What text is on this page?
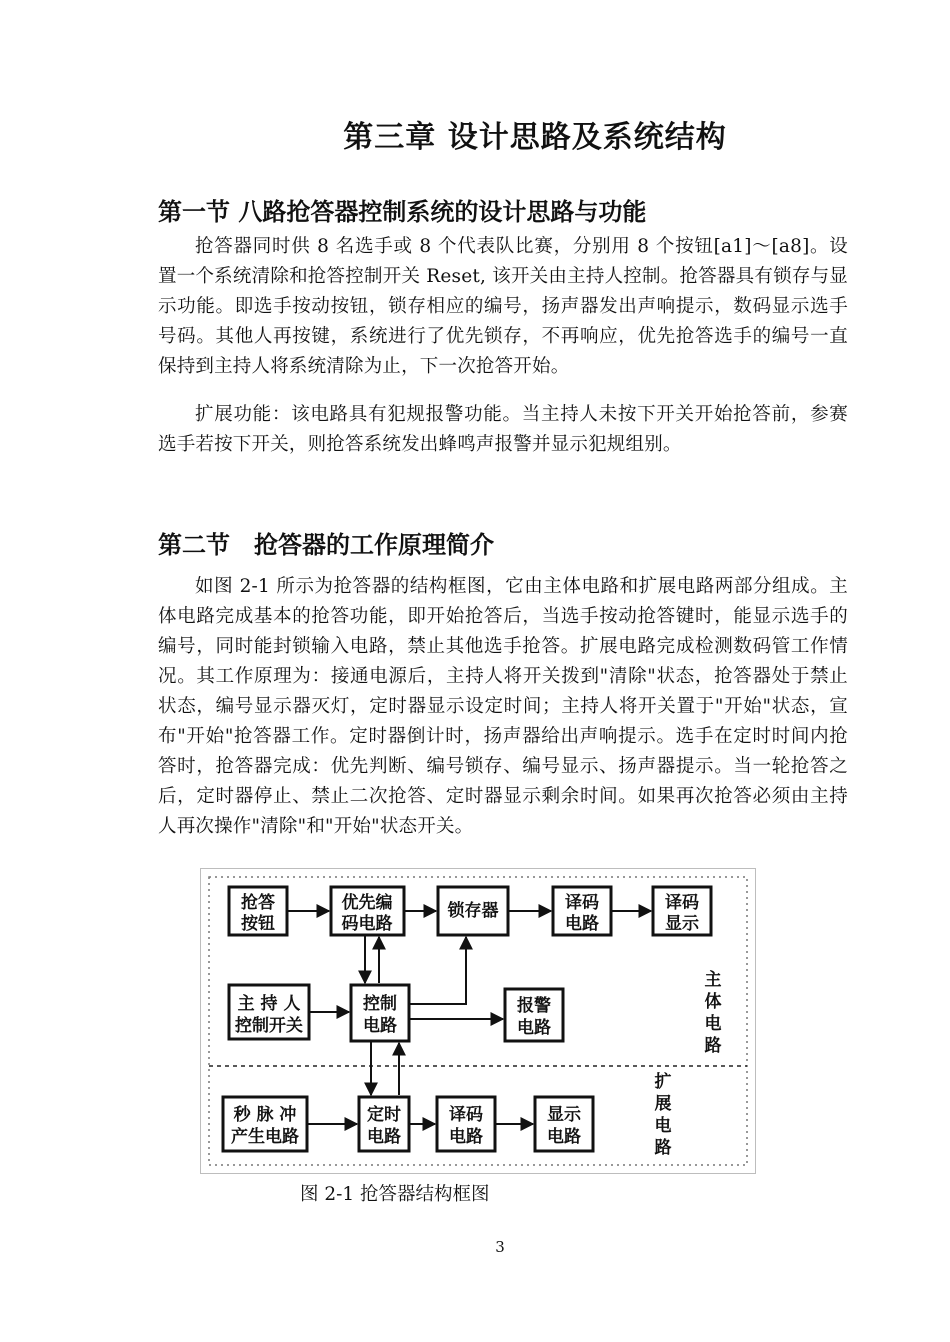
第三章 设计思路及系统结构
第一节 八路抢答器控制系统的设计思路与功能

抢答器同时供 8 名选手或 8 个代表队比赛，分别用 8 个按钮[a1]～[a8]。设置一个系统清除和抢答控制开关 Reset, 该开关由主持人控制。抢答器具有锁存与显示功能。即选手按动按钮，锁存相应的编号，扬声器发出声响提示，数码显示选手号码。其他人再按键，系统进行了优先锁存，不再响应，优先抢答选手的编号一直保持到主持人将系统清除为止，下一次抢答开始。

扩展功能：该电路具有犯规报警功能。当主持人未按下开关开始抢答前，参赛选手若按下开关，则抢答系统发出蜂鸣声报警并显示犯规组别。

第二节　抢答器的工作原理简介

如图 2-1 所示为抢答器的结构框图，它由主体电路和扩展电路两部分组成。主体电路完成基本的抢答功能，即开始抢答后，当选手按动抢答键时，能显示选手的编号，同时能封锁输入电路，禁止其他选手抢答。扩展电路完成检测数码管工作情况。其工作原理为：接通电源后，主持人将开关拨到"清除"状态，抢答器处于禁止状态，编号显示器灭灯，定时器显示设定时间；主持人将开关置于"开始"状态，宣布"开始"抢答器工作。定时器倒计时，扬声器给出声响提示。选手在定时时间内抢答时，抢答器完成：优先判断、编号锁存、编号显示、扬声器提示。当一轮抢答之后，定时器停止、禁止二次抢答、定时器显示剩余时间。如果再次抢答必须由主持人再次操作"清除"和"开始"状态开关。

抢答
按钮
优先编
码电路
锁存器	译码
电路
译码
显示
主 持 人
控制开关
控制
电路
报警
电路
秒 脉 冲
产生电路
定时
电路
译码
电路
显示
电路
主
体
电
路
扩
展
电
路
图 2-1 抢答器结构框图
3
